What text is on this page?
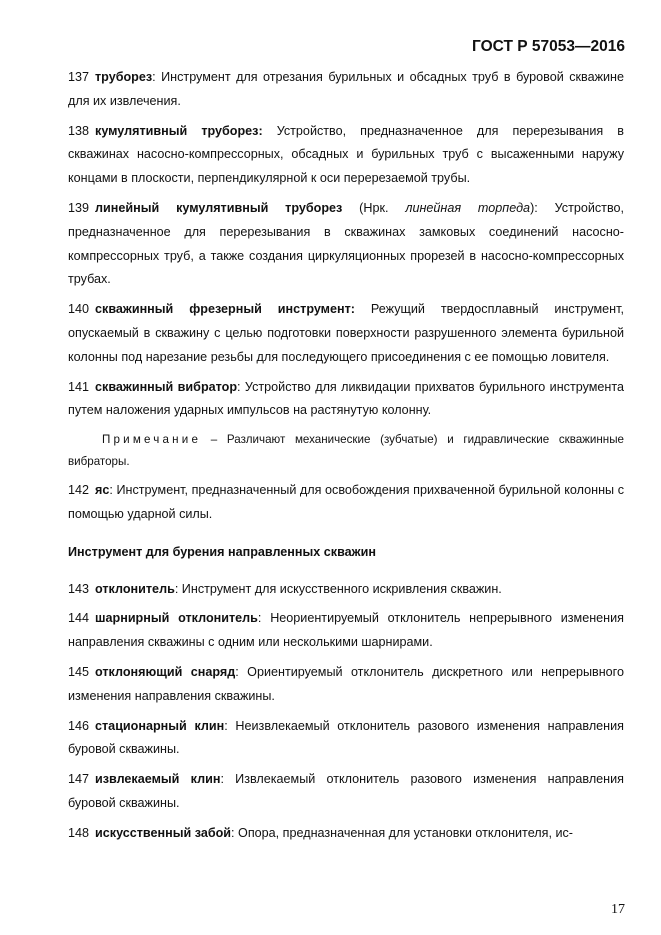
ГОСТ Р 57053—2016

137 труборез: Инструмент для отрезания бурильных и обсадных труб в буровой скважине для их извлечения.

138 кумулятивный труборез: Устройство, предназначенное для перерезывания в скважинах насосно-компрессорных, обсадных и бурильных труб с высаженными наружу концами в плоскости, перпендикулярной к оси перерезаемой трубы.

139 линейный кумулятивный труборез (Нрк. линейная торпеда): Устройство, предназначенное для перерезывания в скважинах замковых соединений насосно-компрессорных труб, а также создания циркуляционных прорезей в насосно-компрессорных трубах.

140 скважинный фрезерный инструмент: Режущий твердосплавный инструмент, опускаемый в скважину с целью подготовки поверхности разрушенного элемента бурильной колонны под нарезание резьбы для последующего присоединения с ее помощью ловителя.

141 скважинный вибратор: Устройство для ликвидации прихватов бурильного инструмента путем наложения ударных импульсов на растянутую колонну.

Примечание – Различают механические (зубчатые) и гидравлические скважинные вибраторы.

142 яс: Инструмент, предназначенный для освобождения прихваченной бурильной колонны с помощью ударной силы.

Инструмент для бурения направленных скважин

143 отклонитель: Инструмент для искусственного искривления скважин.

144 шарнирный отклонитель: Неориентируемый отклонитель непрерывного изменения направления скважины с одним или несколькими шарнирами.

145 отклоняющий снаряд: Ориентируемый отклонитель дискретного или непрерывного изменения направления скважины.

146 стационарный клин: Неизвлекаемый отклонитель разового изменения направления буровой скважины.

147 извлекаемый клин: Извлекаемый отклонитель разового изменения направления буровой скважины.

148 искусственный забой: Опора, предназначенная для установки отклонителя, ис-

17
